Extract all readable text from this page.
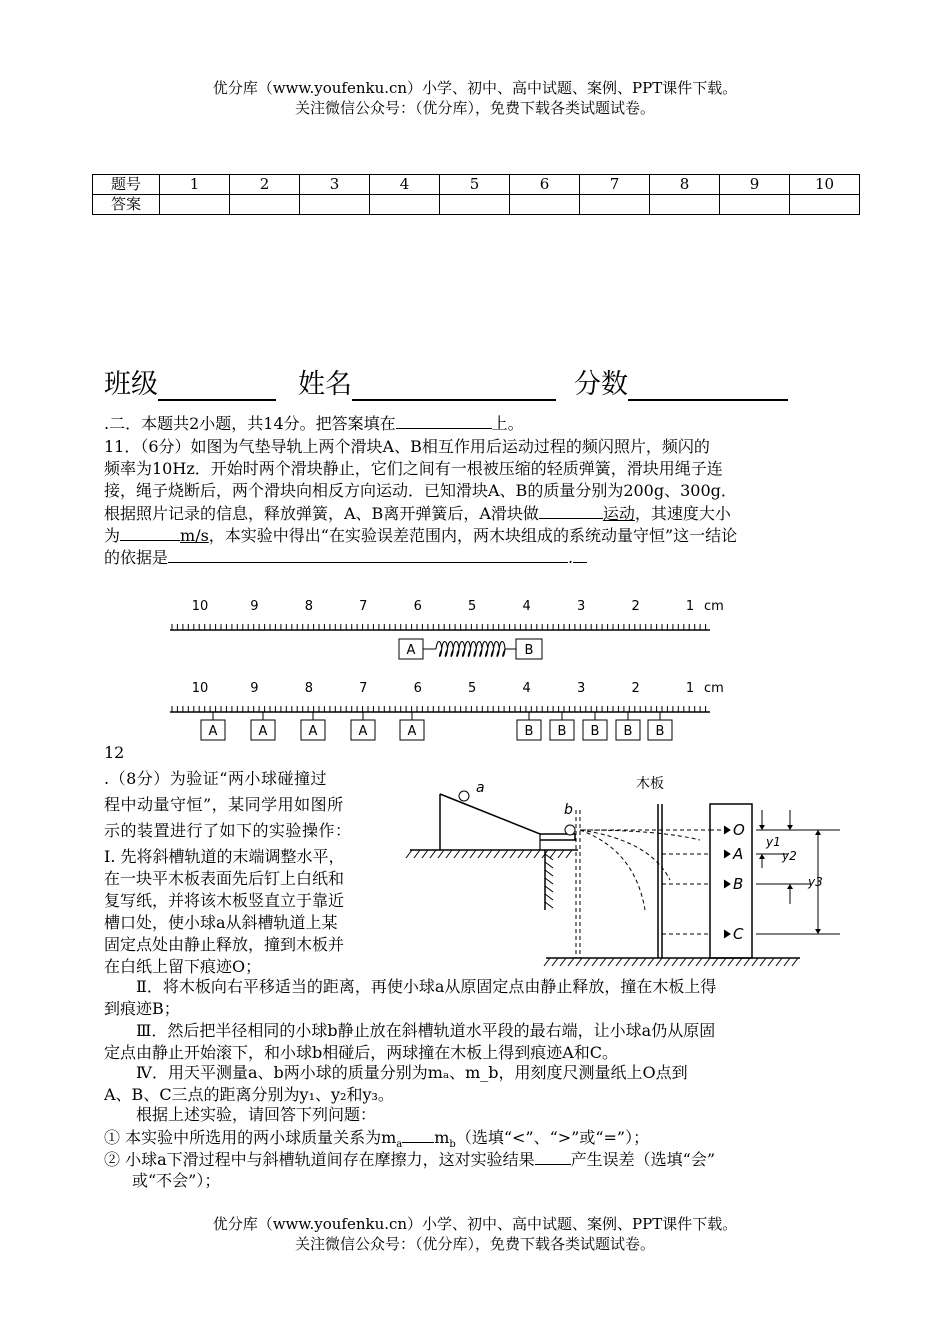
优分库（www.youfenku.cn）小学、初中、高中试题、案例、PPT课件下载。
关注微信公众号：（优分库），免费下载各类试题试卷。
题号	1	2	3	4	5	6	7	8	9	10
答案										
班级	姓名	分数
.二．本题共2小题，共14分。把答案填在	上。
11．（6分）如图为气垫导轨上两个滑块A、B相互作用后运动过程的频闪照片，频闪的
频率为10Hz．开始时两个滑块静止，它们之间有一根被压缩的轻质弹簧，滑块用绳子连
接，绳子烧断后，两个滑块向相反方向运动．已知滑块A、B的质量分别为200g、300g．
根据照片记录的信息，释放弹簧，A、B离开弹簧后，A滑块做	运动，其速度大小
为	m/s，本实验中得出“在实验误差范围内，两木块组成的系统动量守恒”这一结论
的依据是	.
10	9	8	7	6	5	4	3	2	1 cm
10	9	8	7	6	5	4	3	2	1 cm
A	B
A	A	A	A	A	B B B B B
12
.（8分）为验证“两小球碰撞过
程中动量守恒”，某同学用如图所
示的装置进行了如下的实验操作：
Ⅰ. 先将斜槽轨道的末端调整水平，
在一块平木板表面先后钉上白纸和
复写纸，并将该木板竖直立于靠近
槽口处，使小球a从斜槽轨道上某
固定点处由静止释放，撞到木板并
在白纸上留下痕迹O；
Ⅱ．将木板向右平移适当的距离，再使小球a从原固定点由静止释放，撞在木板上得
到痕迹B；
Ⅲ．然后把半径相同的小球b静止放在斜槽轨道水平段的最右端，让小球a仍从原固
定点由静止开始滚下，和小球b相碰后，两球撞在木板上得到痕迹A和C。
Ⅳ．用天平测量a、b两小球的质量分别为mₐ、m_b，用刻度尺测量纸上O点到
A、B、C三点的距离分别为y₁、y₂和y₃。
根据上述实验，请回答下列问题：
① 本实验中所选用的两小球质量关系为$m_a$ $m_b$（选填“<”、“>”或“=”）；
② 小球a下滑过程中与斜槽轨道间存在摩擦力，这对实验结果 产生误差（选填“会”
或“不会”）；
a
b
木板
O
A
B
C
y1
y2
y3
优分库（www.youfenku.cn）小学、初中、高中试题、案例、PPT课件下载。
关注微信公众号：（优分库），免费下载各类试题试卷。
